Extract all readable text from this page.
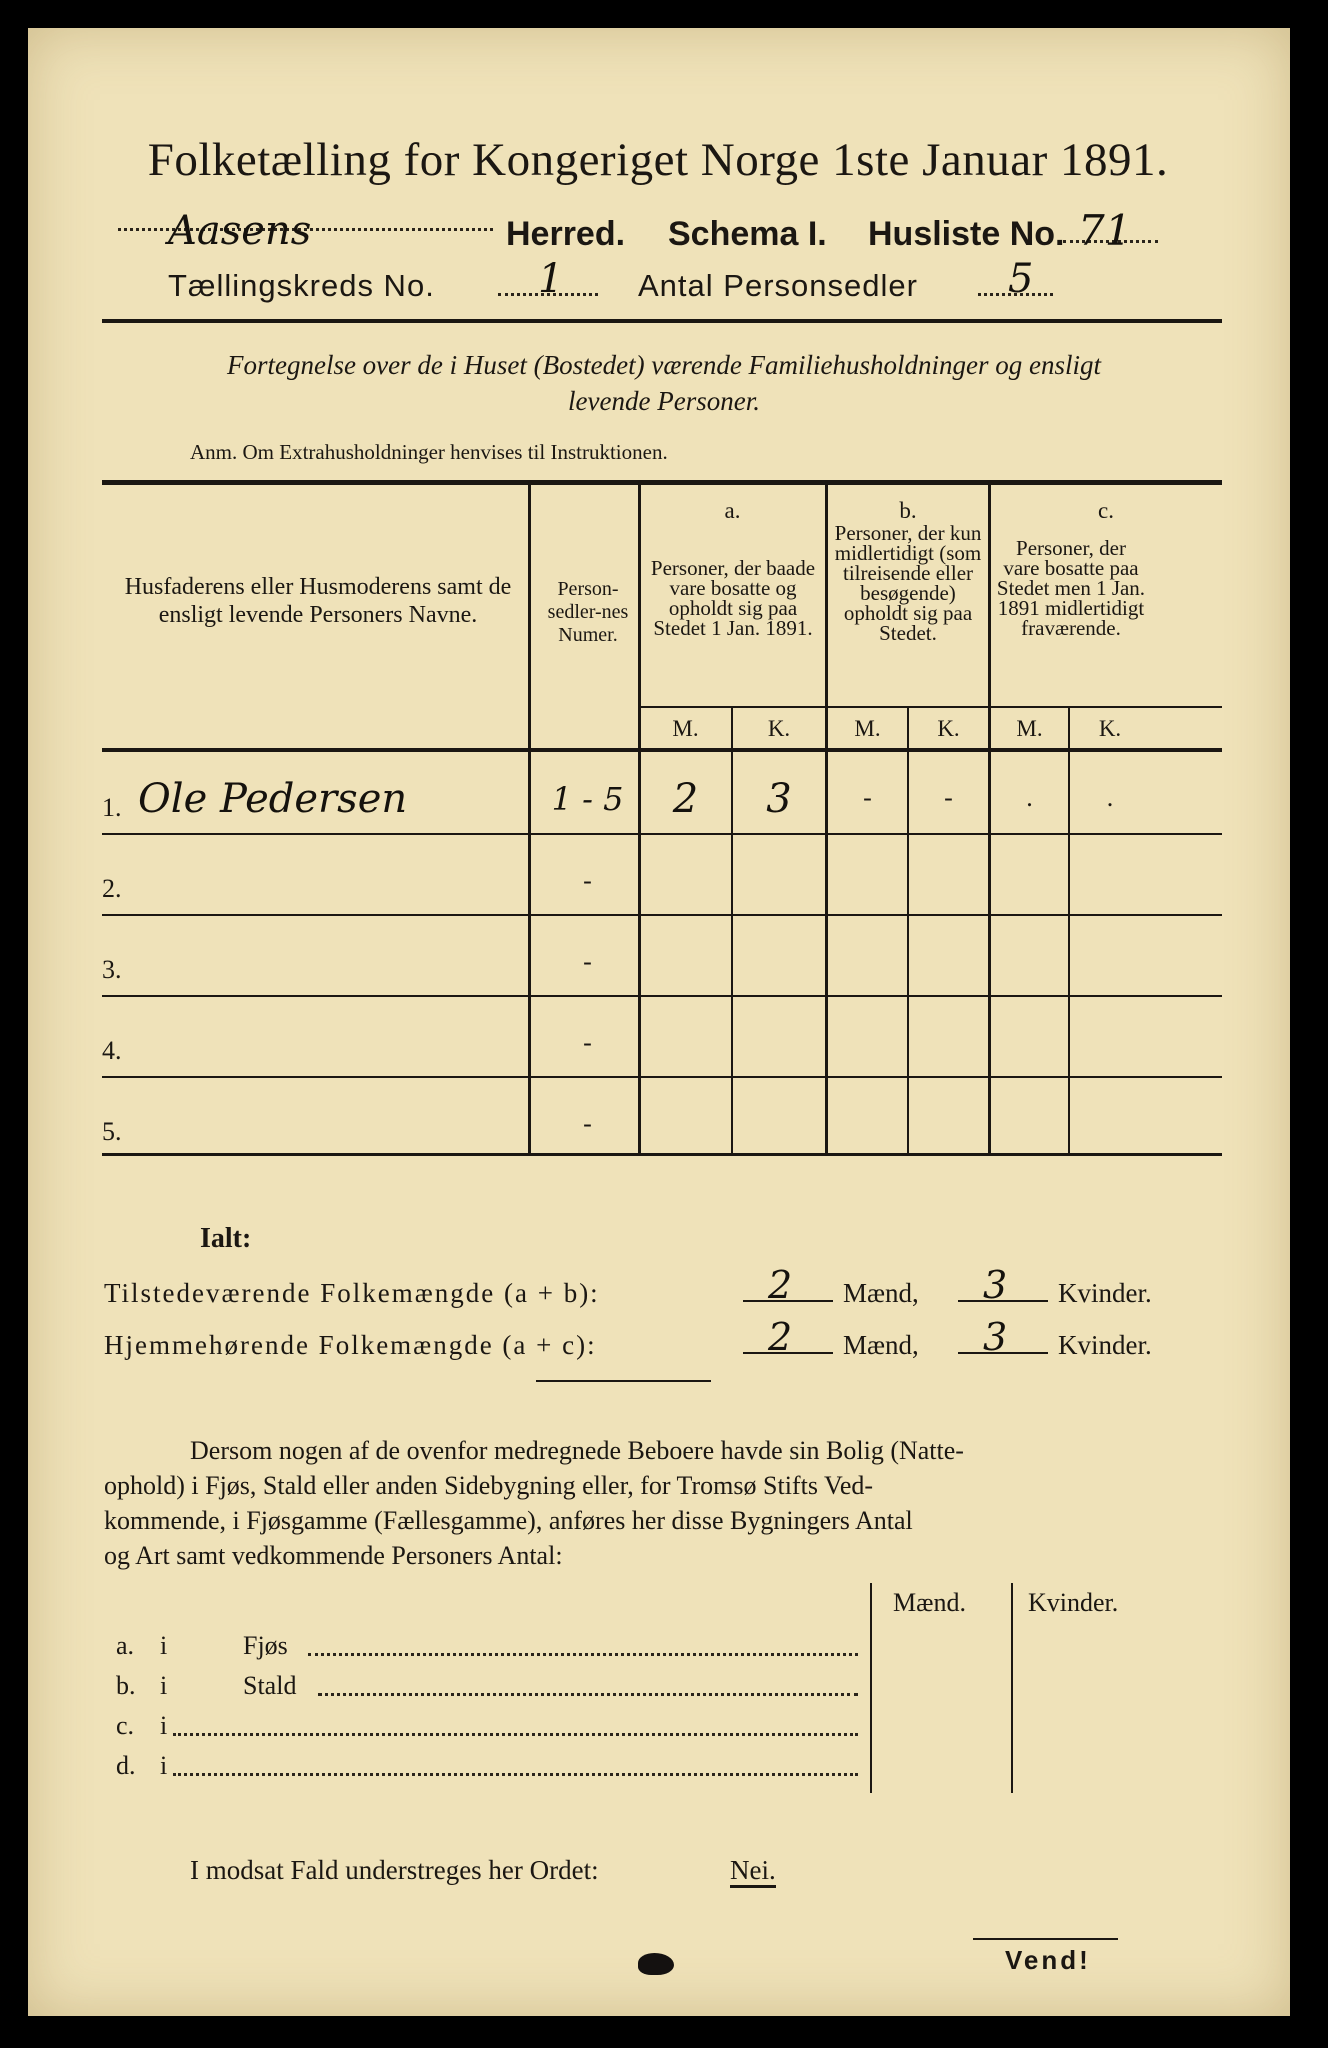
Folketælling for Kongeriget Norge 1ste Januar 1891.
Aasens	Herred. Schema I. Husliste No. 71
Tællingskreds No.	1 Antal Personsedler 5
Fortegnelse over de i Huset (Bostedet) værende Familiehusholdninger og ensligt
levende Personer.
Anm. Om Extrahusholdninger henvises til Instruktionen.
Husfaderens eller Husmoderens samt de ensligt levende Personers Navne.
Person-sedler-nes Numer.
a.
Personer, der baade vare bosatte og opholdt sig paa Stedet 1 Jan. 1891.
b.
Personer, der kun midlertidigt (som tilreisende eller besøgende) opholdt sig paa Stedet.
c.
Personer, der vare bosatte paa Stedet men 1 Jan. 1891 midlertidigt fraværende.
M.	K.	M.	K.	M.	K.
1. Ole Pedersen	1 - 5	2	3	-	-	.	.
2.	-
3.	-
4.	-
5.	-
Ialt:
Tilstedeværende Folkemængde (a + b):	2 Mænd, 3 Kvinder.
Hjemmehørende Folkemængde (a + c):	2 Mænd, 3 Kvinder.
Dersom nogen af de ovenfor medregnede Beboere havde sin Bolig (Natte-
ophold) i Fjøs, Stald eller anden Sidebygning eller, for Tromsø Stifts Ved-
kommende, i Fjøsgamme (Fællesgamme), anføres her disse Bygningers Antal
og Art samt vedkommende Personers Antal:
Mænd. Kvinder.
a. i	Fjøs
b. i	Stald
c. i
d. i
I modsat Fald understreges her Ordet:	Nei.
Vend!
